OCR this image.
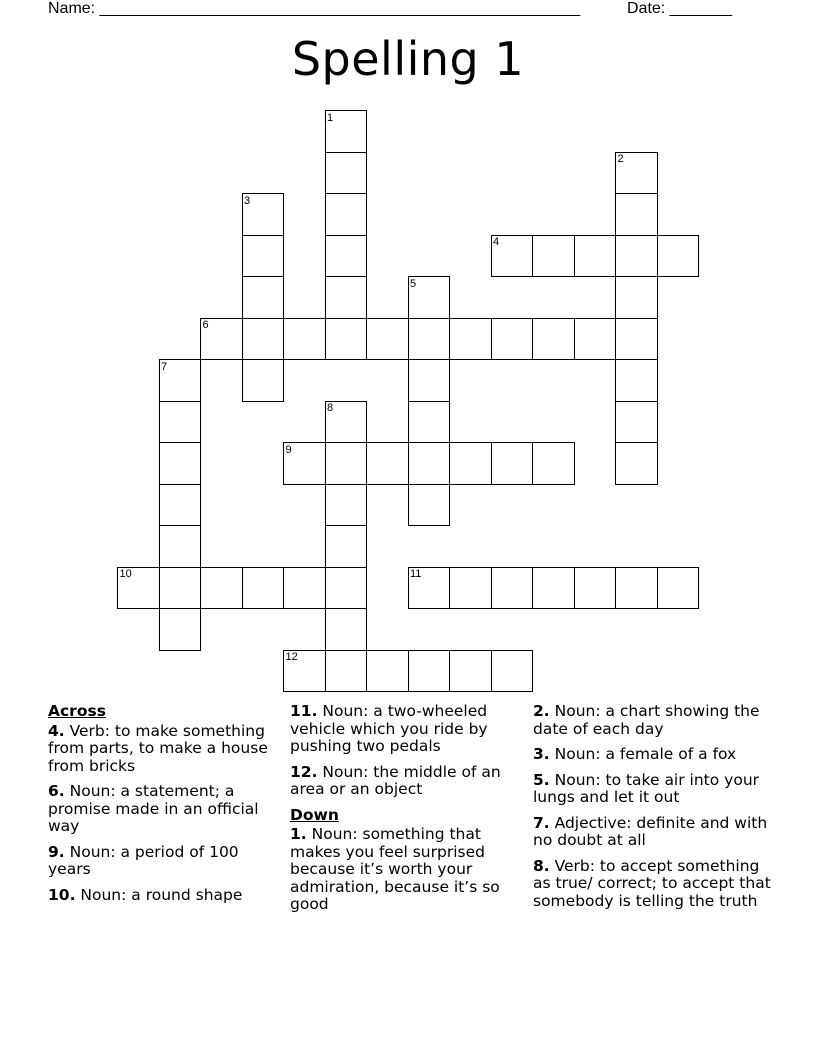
Name: ______________________________________________________	Date: _______
Spelling 1
1
2
3
4
5
6
7
8
9
10	11
12
Across
4. Verb: to make something from parts, to make a house from bricks
6. Noun: a statement; a promise made in an official way
9. Noun: a period of 100 years
10. Noun: a round shape
11. Noun: a two-wheeled vehicle which you ride by pushing two pedals
12. Noun: the middle of an area or an object
Down
1. Noun: something that makes you feel surprised because it’s worth your admiration, because it’s so good
2. Noun: a chart showing the date of each day
3. Noun: a female of a fox
5. Noun: to take air into your lungs and let it out
7. Adjective: definite and with no doubt at all
8. Verb: to accept something as true/ correct; to accept that somebody is telling the truth
